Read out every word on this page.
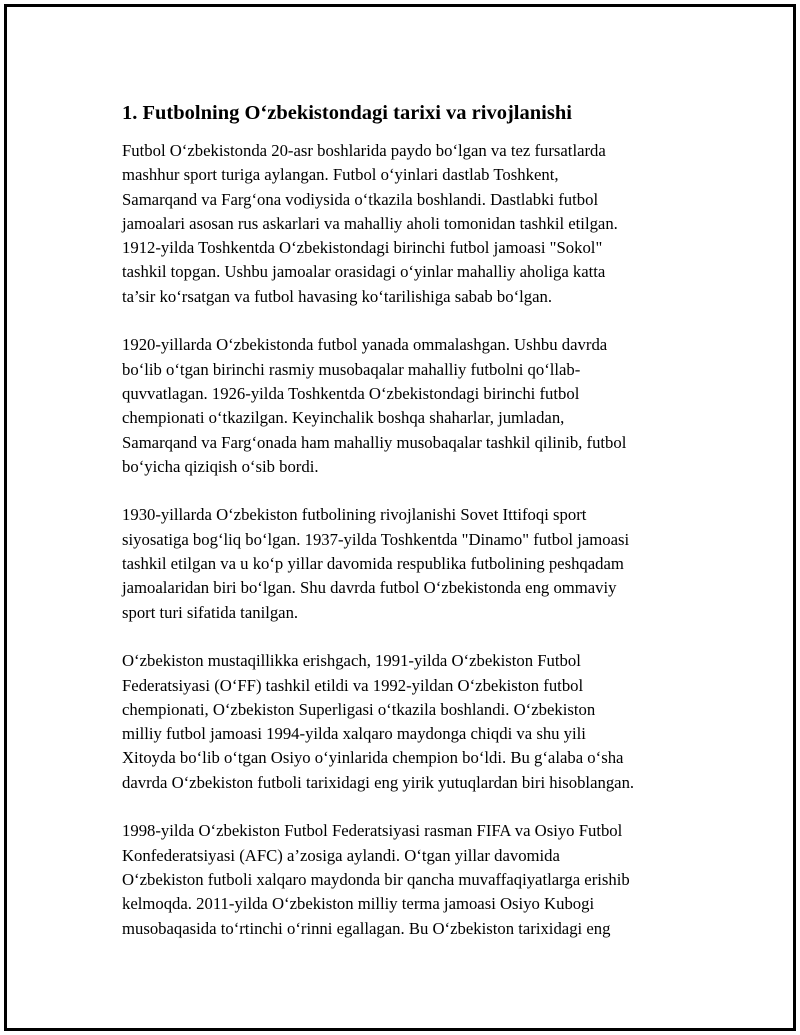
1. Futbolning O‘zbekistondagi tarixi va rivojlanishi

Futbol O‘zbekistonda 20-asr boshlarida paydo bo‘lgan va tez fursatlarda
mashhur sport turiga aylangan. Futbol o‘yinlari dastlab Toshkent,
Samarqand va Farg‘ona vodiysida o‘tkazila boshlandi. Dastlabki futbol
jamoalari asosan rus askarlari va mahalliy aholi tomonidan tashkil etilgan.
1912-yilda Toshkentda O‘zbekistondagi birinchi futbol jamoasi "Sokol"
tashkil topgan. Ushbu jamoalar orasidagi o‘yinlar mahalliy aholiga katta
ta’sir ko‘rsatgan va futbol havasing ko‘tarilishiga sabab bo‘lgan.

1920-yillarda O‘zbekistonda futbol yanada ommalashgan. Ushbu davrda
bo‘lib o‘tgan birinchi rasmiy musobaqalar mahalliy futbolni qo‘llab-
quvvatlagan. 1926-yilda Toshkentda O‘zbekistondagi birinchi futbol
chempionati o‘tkazilgan. Keyinchalik boshqa shaharlar, jumladan,
Samarqand va Farg‘onada ham mahalliy musobaqalar tashkil qilinib, futbol
bo‘yicha qiziqish o‘sib bordi.

1930-yillarda O‘zbekiston futbolining rivojlanishi Sovet Ittifoqi sport
siyosatiga bog‘liq bo‘lgan. 1937-yilda Toshkentda "Dinamo" futbol jamoasi
tashkil etilgan va u ko‘p yillar davomida respublika futbolining peshqadam
jamoalaridan biri bo‘lgan. Shu davrda futbol O‘zbekistonda eng ommaviy
sport turi sifatida tanilgan.

O‘zbekiston mustaqillikka erishgach, 1991-yilda O‘zbekiston Futbol
Federatsiyasi (O‘FF) tashkil etildi va 1992-yildan O‘zbekiston futbol
chempionati, O‘zbekiston Superligasi o‘tkazila boshlandi. O‘zbekiston
milliy futbol jamoasi 1994-yilda xalqaro maydonga chiqdi va shu yili
Xitoyda bo‘lib o‘tgan Osiyo o‘yinlarida chempion bo‘ldi. Bu g‘alaba o‘sha
davrda O‘zbekiston futboli tarixidagi eng yirik yutuqlardan biri hisoblangan.

1998-yilda O‘zbekiston Futbol Federatsiyasi rasman FIFA va Osiyo Futbol
Konfederatsiyasi (AFC) a’zosiga aylandi. O‘tgan yillar davomida
O‘zbekiston futboli xalqaro maydonda bir qancha muvaffaqiyatlarga erishib
kelmoqda. 2011-yilda O‘zbekiston milliy terma jamoasi Osiyo Kubogi
musobaqasida to‘rtinchi o‘rinni egallagan. Bu O‘zbekiston tarixidagi eng
